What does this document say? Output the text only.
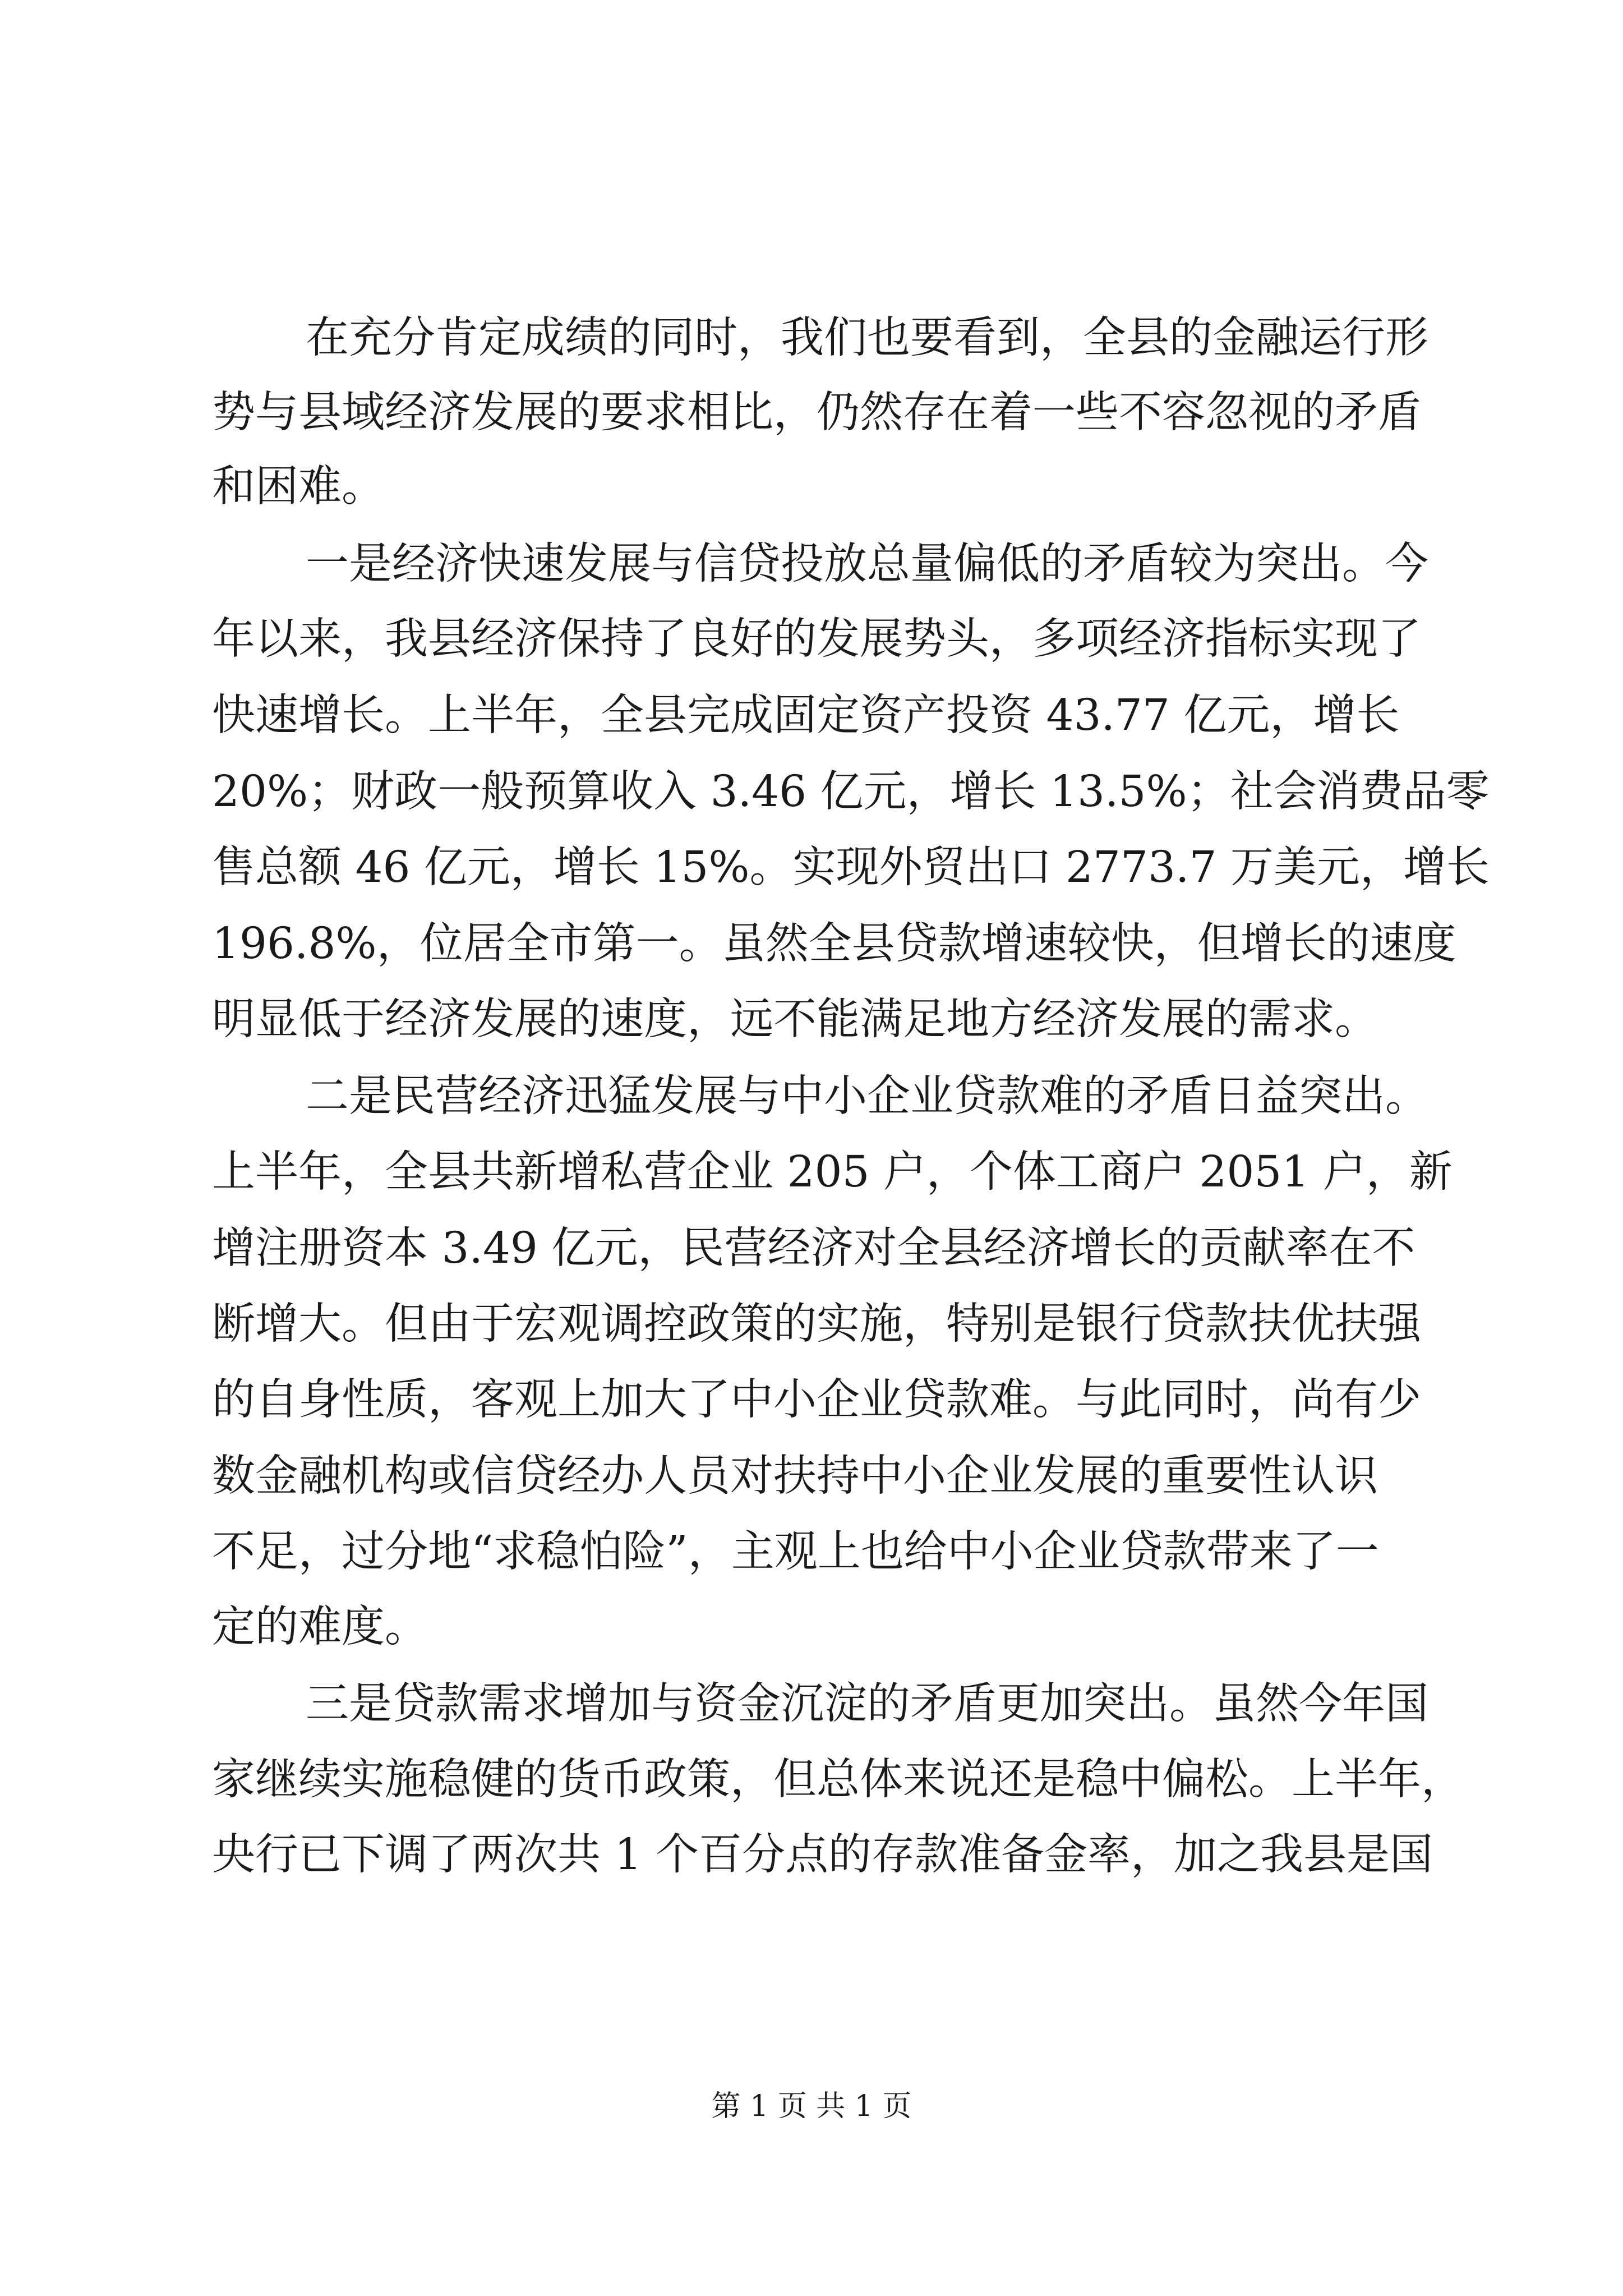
在充分肯定成绩的同时，我们也要看到，全县的金融运行形
势与县域经济发展的要求相比，仍然存在着一些不容忽视的矛盾
和困难。
一是经济快速发展与信贷投放总量偏低的矛盾较为突出。今
年以来，我县经济保持了良好的发展势头，多项经济指标实现了
快速增长。上半年，全县完成固定资产投资 43.77 亿元，增长
20%；财政一般预算收入 3.46 亿元，增长 13.5%；社会消费品零
售总额 46 亿元，增长 15%。实现外贸出口 2773.7 万美元，增长
196.8%，位居全市第一。虽然全县贷款增速较快，但增长的速度
明显低于经济发展的速度，远不能满足地方经济发展的需求。
二是民营经济迅猛发展与中小企业贷款难的矛盾日益突出。
上半年，全县共新增私营企业 205 户，个体工商户 2051 户，新
增注册资本 3.49 亿元，民营经济对全县经济增长的贡献率在不
断增大。但由于宏观调控政策的实施，特别是银行贷款扶优扶强
的自身性质，客观上加大了中小企业贷款难。与此同时，尚有少
数金融机构或信贷经办人员对扶持中小企业发展的重要性认识
不足，过分地“求稳怕险”，主观上也给中小企业贷款带来了一
定的难度。
三是贷款需求增加与资金沉淀的矛盾更加突出。虽然今年国
家继续实施稳健的货币政策，但总体来说还是稳中偏松。上半年，
央行已下调了两次共 1 个百分点的存款准备金率，加之我县是国
第 1 页 共 1 页
